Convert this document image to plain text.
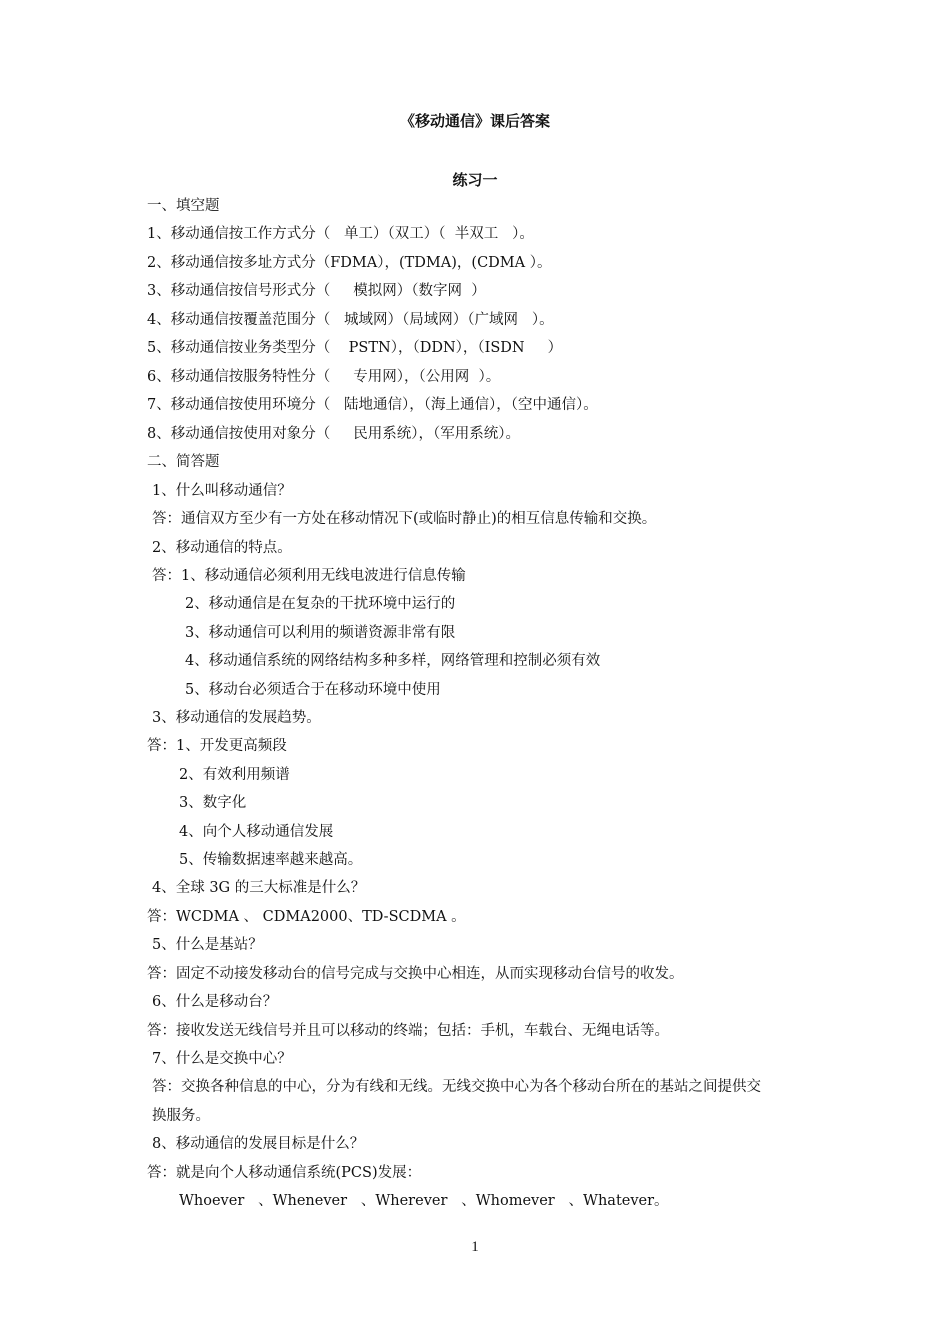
《移动通信》课后答案
练习一
一、填空题
1、移动通信按工作方式分（   单工）（双工）（  半双工   ）。
2、移动通信按多址方式分（FDMA），(TDMA)，(CDMA ）。
3、移动通信按信号形式分（     模拟网）（数字网  ）
4、移动通信按覆盖范围分（   城域网）（局域网）（广域网   ）。
5、移动通信按业务类型分（    PSTN），（DDN），（ISDN     ）
6、移动通信按服务特性分（     专用网），（公用网  ）。
7、移动通信按使用环境分（   陆地通信），（海上通信），（空中通信）。
8、移动通信按使用对象分（     民用系统），（军用系统）。
二、简答题
1、什么叫移动通信？
答：通信双方至少有一方处在移动情况下(或临时静止)的相互信息传输和交换。
2、移动通信的特点。
答：1、移动通信必须利用无线电波进行信息传输
2、移动通信是在复杂的干扰环境中运行的
3、移动通信可以利用的频谱资源非常有限
4、移动通信系统的网络结构多种多样，网络管理和控制必须有效
5、移动台必须适合于在移动环境中使用
3、移动通信的发展趋势。
答：1、开发更高频段
2、有效利用频谱
3、数字化
4、向个人移动通信发展
5、传输数据速率越来越高。
4、全球 3G 的三大标准是什么？
答：WCDMA 、 CDMA2000、TD-SCDMA 。
5、什么是基站？
答：固定不动接发移动台的信号完成与交换中心相连，从而实现移动台信号的收发。
6、什么是移动台？
答：接收发送无线信号并且可以移动的终端；包括：手机，车载台、无绳电话等。
7、什么是交换中心？
答：交换各种信息的中心，分为有线和无线。无线交换中心为各个移动台所在的基站之间提供交
换服务。
8、移动通信的发展目标是什么？
答：就是向个人移动通信系统(PCS)发展：
Whoever   、Whenever   、Wherever   、Whomever   、Whatever。
1
